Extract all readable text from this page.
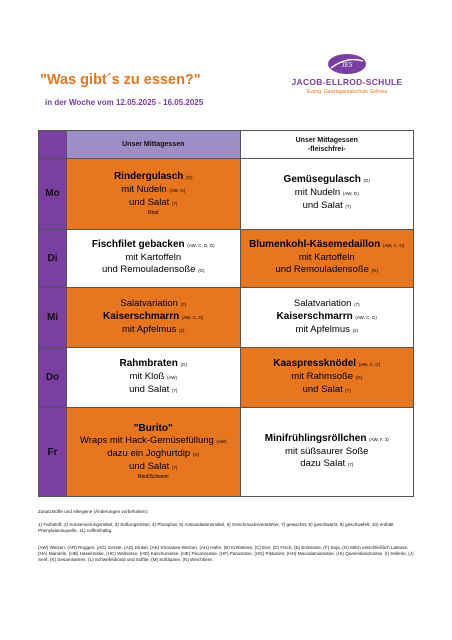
"Was gibt´s zu essen?"
in der Woche vom 12.05.2025 - 16.05.2025
JES
JACOB-ELLROD-SCHULE
Evang. Ganztagsrealschule Gefrees
	Unser Mittagessen	Unser Mittagessen
-fleischfrei-
Mo	Rindergulasch (G)
mit Nudeln (AW, G)
und Salat (7)
Rind	Gemüsegulasch (G)
mit Nudeln (AW, G)
und Salat (7)
Di	Fischfilet gebacken (AW, C, D, G)
mit Kartoffeln
und Remouladensoße (G)	Blumenkohl-Käsemedaillon (AW, C, G)
mit Kartoffeln
und Remouladensoße (G)
Mi	Salatvariation (7)
Kaiserschmarrn (AW, C, G)
mit Apfelmus (2)	Salatvariation (7)
Kaiserschmarrn (AW, C, G)
mit Apfelmus (2)
Do	Rahmbraten (G)
mit Kloß (AW)
und Salat (7)	Kaaspressknödel (AW, C, G)
mit Rahmsoße (G)
und Salat (7)
Fr	"Burito"
Wraps mit Hack-Gemüsefüllung (AW)
dazu ein Joghurtdip (G)
und Salat (7)
Rind/Schwein	Minifrühlingsröllchen (AW, F, 3)
mit süßsaurer Soße
dazu Salat (7)
Zusatzstoffe und Allergene (Änderungen vorbehalten):
1) Farbstoff, 2) Konservierungsmittel, 3) Süßungsmittel, 4) Phosphat, 5) Antioxidationsmittel, 6) Geschmacksverstärker, 7) gewachst, 8) geschwärzt, 9) geschwefelt, 10) enthält Phenylalaninquelle, 11) coffeinhaltig.
(AW) Weizen, (AR) Roggen, (AG) Gerste, (AD) Dinkel, (AK) Khorasan-Weizen, (AH) Hafer, (B) Krebstiere, (C) Eier, (D) Fisch, (E) Erdnüsse, (F) Soja, (G) Milch einschließlich Laktose, (HA) Mandeln, (HB) Haselnüsse, (HC) Walnüsse, (HD) Kaschunüsse, (HE) Pecannüsse, (HF) Paranüsse, (HG) Pistazien, (HH) Macadamianüsse, (HI) Queenslandnüsse, (I) Sellerie, (J) Senf, (K) Sesamsamen, (L) Schwefeldioxid und Sulfite, (M) Süßlupine, (N) Weichtiere.
